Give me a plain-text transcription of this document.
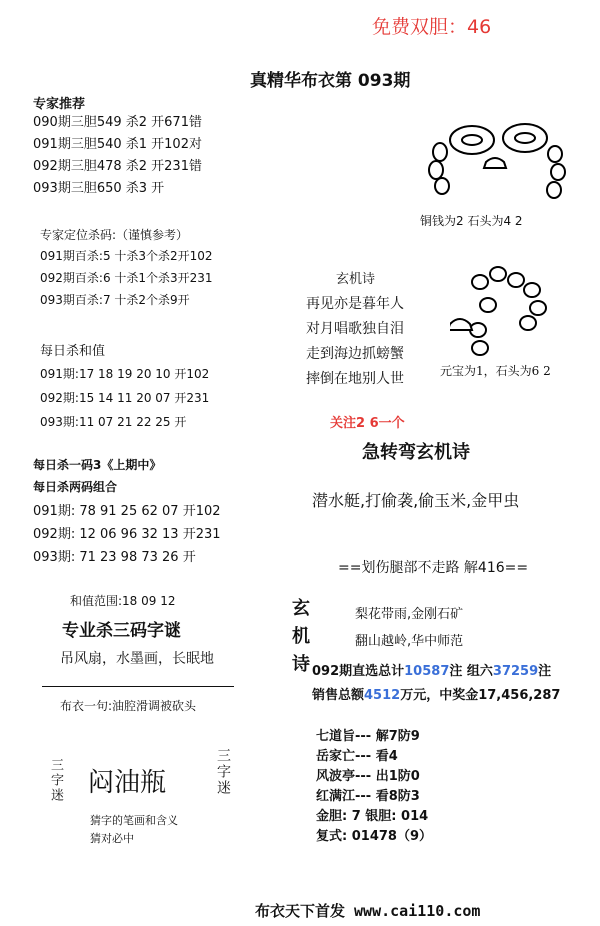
免费双胆：46
真精华布衣第 093期
专家推荐
090期三胆549 杀2 开671错
091期三胆540 杀1 开102对
092期三胆478 杀2 开231错
093期三胆650 杀3 开
专家定位杀码:（谨慎参考）
091期百杀:5 十杀3个杀2开102
092期百杀:6 十杀1个杀3开231
093期百杀:7 十杀2个杀9开
每日杀和值
091期:17 18 19 20 10 开102
092期:15 14 11 20 07 开231
093期:11 07 21 22 25 开
每日杀一码3《上期中》
每日杀两码组合
091期: 78 91 25 62 07 开102
092期: 12 06 96 32 13 开231
093期: 71 23 98 73 26 开
和值范围:18 09 12
专业杀三码字谜
吊风扇，水墨画，长眠地
布衣一句:油腔滑调被砍头
三字迷 闷油瓶	三字迷
猜字的笔画和含义
猜对必中
铜钱为2 石头为4 2
玄机诗
再见亦是暮年人
对月唱歌独自泪
走到海边抓螃蟹
摔倒在地别人世	元宝为1，石头为6 2
关注2 6一个
急转弯玄机诗
潜水艇,打偷袭,偷玉米,金甲虫
==划伤腿部不走路 解416==
玄机诗	梨花带雨,金刚石矿
翻山越岭,华中师范
092期直选总计10587注 组六37259注
销售总额4512万元，中奖金17,456,287
七道旨--- 解7防9
岳家亡--- 看4
风波亭--- 出1防0
红满江--- 看8防3
金胆: 7 银胆: 014
复式: 01478（9）
布衣天下首发 www.cai110.com
